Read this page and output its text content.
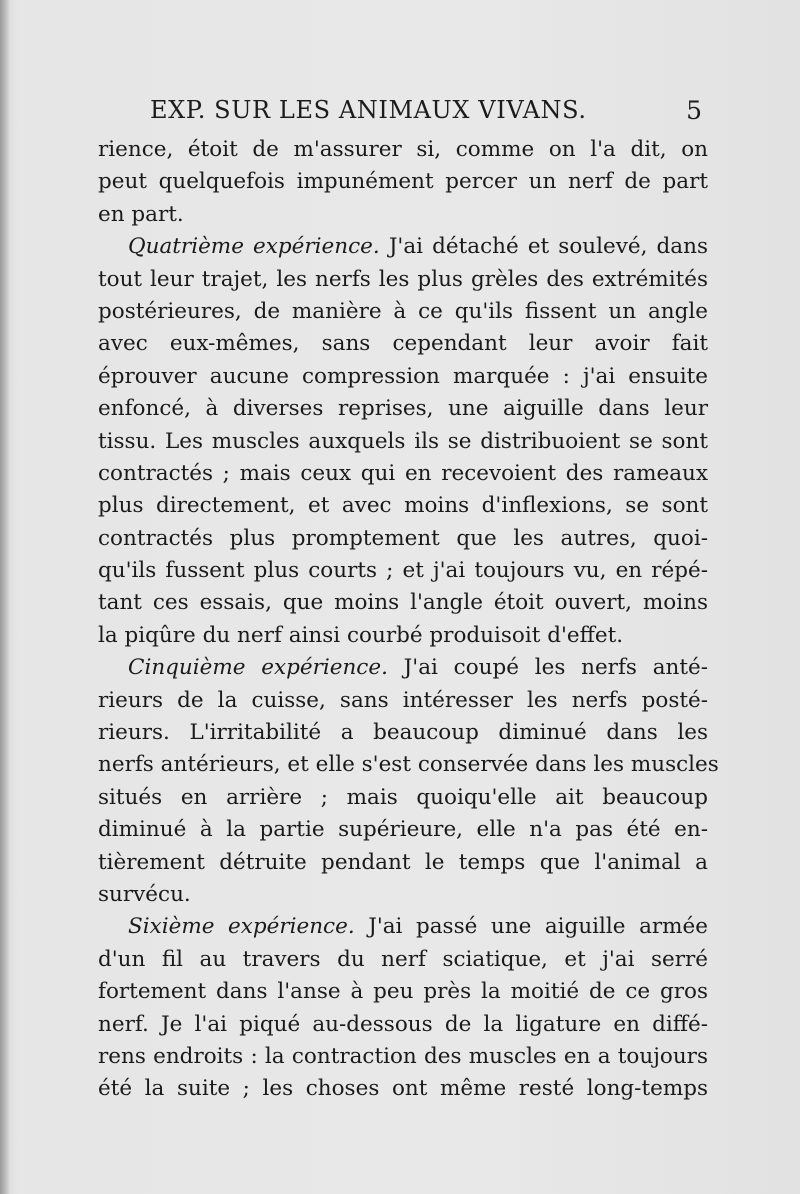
EXP. SUR LES ANIMAUX VIVANS.	5
rience, étoit de m'assurer si, comme on l'a dit, on
peut quelquefois impunément percer un nerf de part
en part.
Quatrième expérience. J'ai détaché et soulevé, dans
tout leur trajet, les nerfs les plus grèles des extrémités
postérieures, de manière à ce qu'ils fissent un angle
avec eux-mêmes, sans cependant leur avoir fait
éprouver aucune compression marquée : j'ai ensuite
enfoncé, à diverses reprises, une aiguille dans leur
tissu. Les muscles auxquels ils se distribuoient se sont
contractés ; mais ceux qui en recevoient des rameaux
plus directement, et avec moins d'inflexions, se sont
contractés plus promptement que les autres, quoi-
qu'ils fussent plus courts ; et j'ai toujours vu, en répé-
tant ces essais, que moins l'angle étoit ouvert, moins
la piqûre du nerf ainsi courbé produisoit d'effet.
Cinquième expérience. J'ai coupé les nerfs anté-
rieurs de la cuisse, sans intéresser les nerfs posté-
rieurs. L'irritabilité a beaucoup diminué dans les
nerfs antérieurs, et elle s'est conservée dans les muscles
situés en arrière ; mais quoiqu'elle ait beaucoup
diminué à la partie supérieure, elle n'a pas été en-
tièrement détruite pendant le temps que l'animal a
survécu.
Sixième expérience. J'ai passé une aiguille armée
d'un fil au travers du nerf sciatique, et j'ai serré
fortement dans l'anse à peu près la moitié de ce gros
nerf. Je l'ai piqué au-dessous de la ligature en diffé-
rens endroits : la contraction des muscles en a toujours
été la suite ; les choses ont même resté long-temps
